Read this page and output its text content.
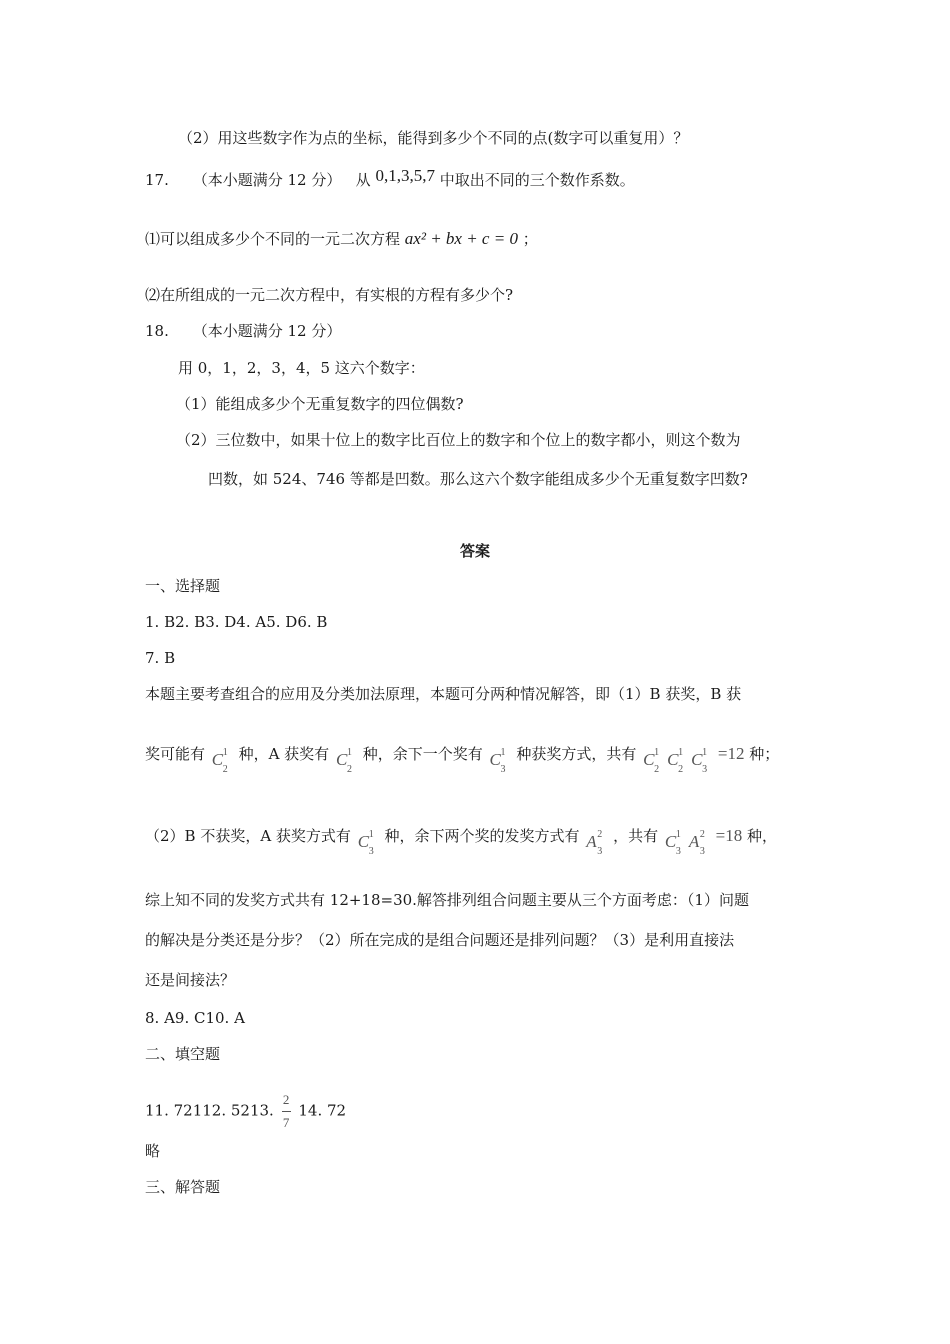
（2）用这些数字作为点的坐标，能得到多少个不同的点(数字可以重复用）？
17. （本小题满分 12 分） 从 0,1,3,5,7 中取出不同的三个数作系数。
⑴可以组成多少个不同的一元二次方程 ax² + bx + c = 0 ；
⑵在所组成的一元二次方程中，有实根的方程有多少个?
18. （本小题满分 12 分）
用 0，1，2，3，4，5 这六个数字：
（1）能组成多少个无重复数字的四位偶数?
（2）三位数中，如果十位上的数字比百位上的数字和个位上的数字都小，则这个数为
凹数，如 524、746 等都是凹数。那么这六个数字能组成多少个无重复数字凹数?
答案
一、选择题
1. B2. B3. D4. A5. D6. B
7. B
本题主要考查组合的应用及分类加法原理，本题可分两种情况解答，即（1）B 获奖，B 获
奖可能有 C 1
2
种，A 获奖有 C 1
2
种，余下一个奖有 C 1
3
种获奖方式，共有 C 1
2
C 1
2
C 1
3
=12 种；
（2）B 不获奖，A 获奖方式有 C 1
3
种，余下两个奖的发奖方式有 A 2
3
，共有 C 1
3
A 2
3
=18 种，
综上知不同的发奖方式共有 12+18=30.解答排列组合问题主要从三个方面考虑：（1）问题
的解决是分类还是分步？（2）所在完成的是组合问题还是排列问题？（3）是利用直接法
还是间接法？
8. A9. C10. A
二、填空题
11. 72112. 5213. $\frac{2}{7} 14$. 72
略
三、解答题
